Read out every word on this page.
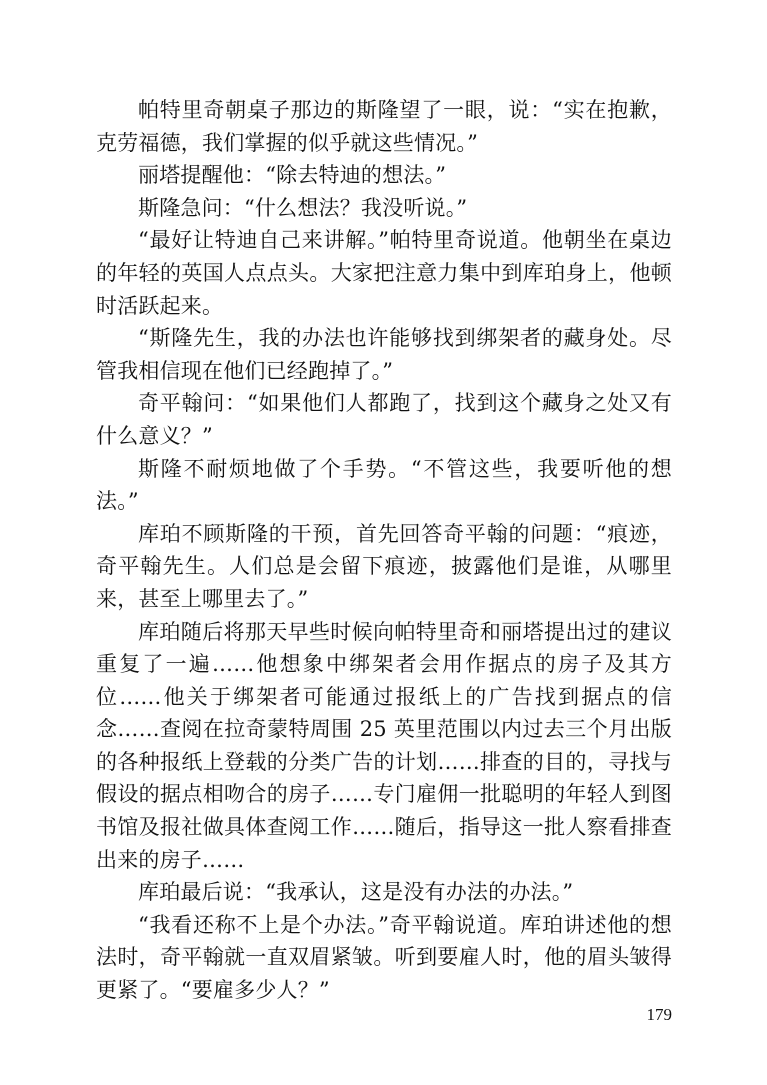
帕特里奇朝桌子那边的斯隆望了一眼，说：“实在抱歉，克劳福德，我们掌握的似乎就这些情况。”

丽塔提醒他：“除去特迪的想法。”

斯隆急问：“什么想法？我没听说。”

“最好让特迪自己来讲解。”帕特里奇说道。他朝坐在桌边的年轻的英国人点点头。大家把注意力集中到库珀身上，他顿时活跃起来。

“斯隆先生，我的办法也许能够找到绑架者的藏身处。尽管我相信现在他们已经跑掉了。”

奇平翰问：“如果他们人都跑了，找到这个藏身之处又有什么意义？”

斯隆不耐烦地做了个手势。“不管这些，我要听他的想法。”

库珀不顾斯隆的干预，首先回答奇平翰的问题：“痕迹，奇平翰先生。人们总是会留下痕迹，披露他们是谁，从哪里来，甚至上哪里去了。”

库珀随后将那天早些时候向帕特里奇和丽塔提出过的建议重复了一遍……他想象中绑架者会用作据点的房子及其方位……他关于绑架者可能通过报纸上的广告找到据点的信念……查阅在拉奇蒙特周围 25 英里范围以内过去三个月出版的各种报纸上登载的分类广告的计划……排查的目的，寻找与假设的据点相吻合的房子……专门雇佣一批聪明的年轻人到图书馆及报社做具体查阅工作……随后，指导这一批人察看排查出来的房子……

库珀最后说：“我承认，这是没有办法的办法。”

“我看还称不上是个办法。”奇平翰说道。库珀讲述他的想法时，奇平翰就一直双眉紧皱。听到要雇人时，他的眉头皱得更紧了。“要雇多少人？”

179
